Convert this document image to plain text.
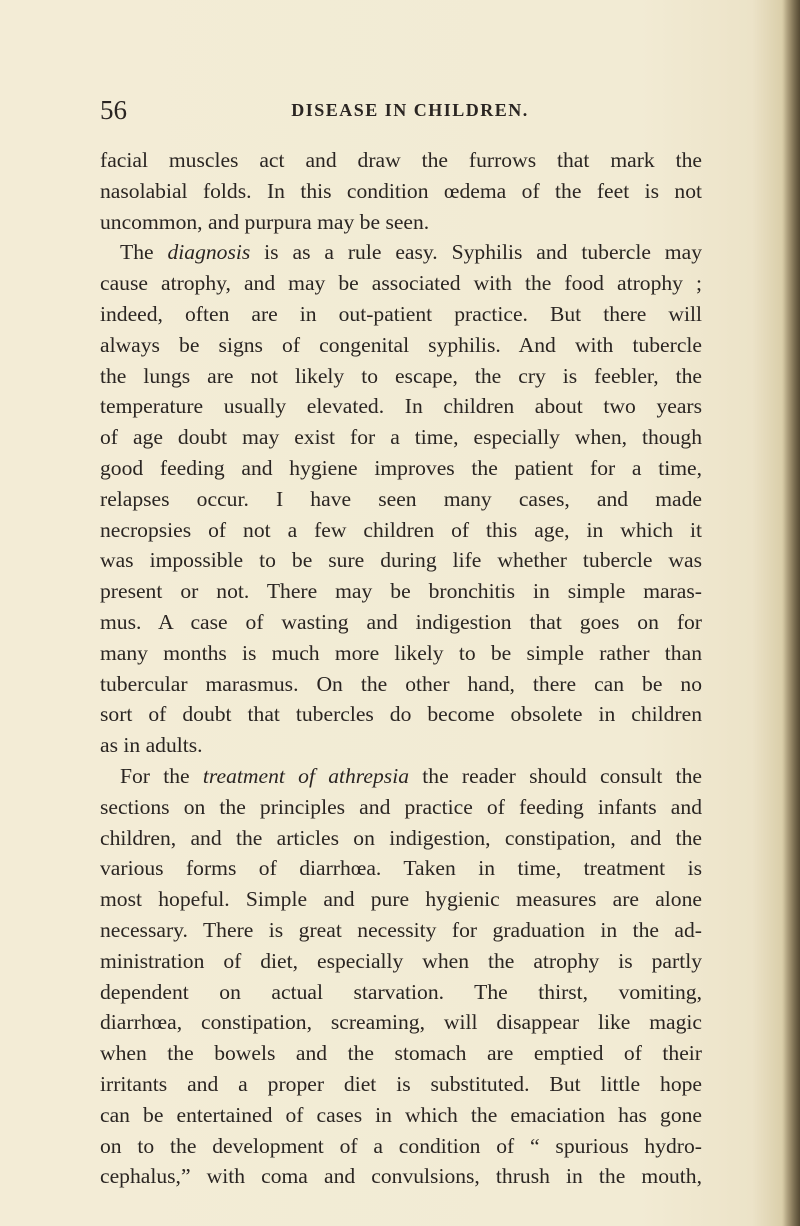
56	DISEASE IN CHILDREN.
facial muscles act and draw the furrows that mark the
nasolabial folds. In this condition œdema of the feet is not
uncommon, and purpura may be seen.
The diagnosis is as a rule easy. Syphilis and tubercle may
cause atrophy, and may be associated with the food atrophy ;
indeed, often are in out-patient practice. But there will
always be signs of congenital syphilis. And with tubercle
the lungs are not likely to escape, the cry is feebler, the
temperature usually elevated. In children about two years
of age doubt may exist for a time, especially when, though
good feeding and hygiene improves the patient for a time,
relapses occur. I have seen many cases, and made
necropsies of not a few children of this age, in which it
was impossible to be sure during life whether tubercle was
present or not. There may be bronchitis in simple maras-
mus. A case of wasting and indigestion that goes on for
many months is much more likely to be simple rather than
tubercular marasmus. On the other hand, there can be no
sort of doubt that tubercles do become obsolete in children
as in adults.
For the treatment of athrepsia the reader should consult the
sections on the principles and practice of feeding infants and
children, and the articles on indigestion, constipation, and the
various forms of diarrhœa. Taken in time, treatment is
most hopeful. Simple and pure hygienic measures are alone
necessary. There is great necessity for graduation in the ad-
ministration of diet, especially when the atrophy is partly
dependent on actual starvation. The thirst, vomiting,
diarrhœa, constipation, screaming, will disappear like magic
when the bowels and the stomach are emptied of their
irritants and a proper diet is substituted. But little hope
can be entertained of cases in which the emaciation has gone
on to the development of a condition of “ spurious hydro-
cephalus,” with coma and convulsions, thrush in the mouth,
